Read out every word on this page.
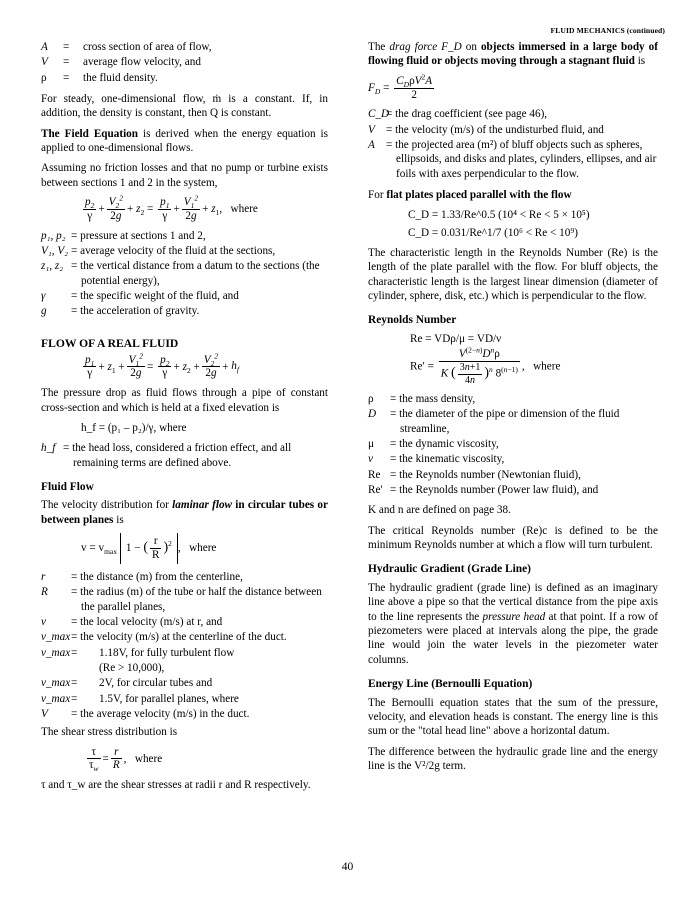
FLUID MECHANICS (continued)
A	=	cross section of area of flow,
V	=	average flow velocity, and
ρ	=	the fluid density.

For steady, one-dimensional flow, ṁ is a constant. If, in addition, the density is constant, then Q is constant.

The Field Equation is derived when the energy equation is applied to one-dimensional flows.

Assuming no friction losses and that no pump or turbine exists between sections 1 and 2 in the system,

$\frac{p_2}{\gamma} + \frac{V_2^2}{2g} + z_2 = \frac{p_1}{\gamma} + \frac{V_1^2}{2g} + z_1$,   where
p₁, p₂ = pressure at sections 1 and 2,
V₁, V₂ = average velocity of the fluid at the sections,
z₁, z₂ = the vertical distance from a datum to the sections (the potential energy),
γ	= the specific weight of the fluid, and
g	= the acceleration of gravity.
FLOW OF A REAL FLUID
$\frac{p_1}{\gamma} + z_1 + \frac{V_1^2}{2g} = \frac{p_2}{\gamma} + z_2 + \frac{V_2^2}{2g} + h_f$

The pressure drop as fluid flows through a pipe of constant cross-section and which is held at a fixed elevation is

h_f = (p₁ – p₂)/γ, where
h_f = the head loss, considered a friction effect, and all remaining terms are defined above.
Fluid Flow

The velocity distribution for laminar flow in circular tubes or between planes is

$v = v_{max}$ 1 − ( $\frac{r}{R} )^2$ ,   where
r	= the distance (m) from the centerline,
R	= the radius (m) of the tube or half the distance between the parallel planes,
v	= the local velocity (m/s) at r, and
v_max = the velocity (m/s) at the centerline of the duct.
v_max =	1.18V, for fully turbulent flow
(Re > 10,000),
v_max =	2V, for circular tubes and
v_max =	1.5V, for parallel planes, where
V	= the average velocity (m/s) in the duct.

The shear stress distribution is

$\frac{\tau}{\tau_w} = \frac{r}{R}$ ,   where

τ and τ_w are the shear stresses at radii r and R respectively.

The drag force F_D on objects immersed in a large body of flowing fluid or objects moving through a stagnant fluid is

$F_D = \frac{C_D\rho V^2A}{2}$
C_D
= the drag coefficient (see page 46),
V = the velocity (m/s) of the undisturbed fluid, and
A = the projected area (m²) of bluff objects such as spheres, ellipsoids, and disks and plates, cylinders, ellipses, and air foils with axes perpendicular to the flow.

For flat plates placed parallel with the flow

C_D = 1.33/Re^0.5 (10⁴ < Re < 5 × 10⁵)
C_D = 0.031/Re^1/7 (10⁶ < Re < 10⁹)

The characteristic length in the Reynolds Number (Re) is the length of the plate parallel with the flow. For bluff objects, the characteristic length is the largest linear dimension (diameter of cylinder, sphere, disk, etc.) which is perpendicular to the flow.

Reynolds Number
Re = VDρ/μ = VD/ν
$Re' = \frac{V^{(2-n)}D^n\rho}{K ( \frac{3n+1}{4n} )^n 8^{(n-1)}}$ ,   where
ρ	= the mass density,
D	= the diameter of the pipe or dimension of the fluid streamline,
μ	= the dynamic viscosity,
ν	= the kinematic viscosity,
Re = the Reynolds number (Newtonian fluid),
Re′ = the Reynolds number (Power law fluid), and

K and n are defined on page 38.

The critical Reynolds number (Re)c is defined to be the minimum Reynolds number at which a flow will turn turbulent.

Hydraulic Gradient (Grade Line)

The hydraulic gradient (grade line) is defined as an imaginary line above a pipe so that the vertical distance from the pipe axis to the line represents the pressure head at that point. If a row of piezometers were placed at intervals along the pipe, the grade line would join the water levels in the piezometer water columns.

Energy Line (Bernoulli Equation)

The Bernoulli equation states that the sum of the pressure, velocity, and elevation heads is constant. The energy line is this sum or the "total head line" above a horizontal datum.

The difference between the hydraulic grade line and the energy line is the V²/2g term.

40
